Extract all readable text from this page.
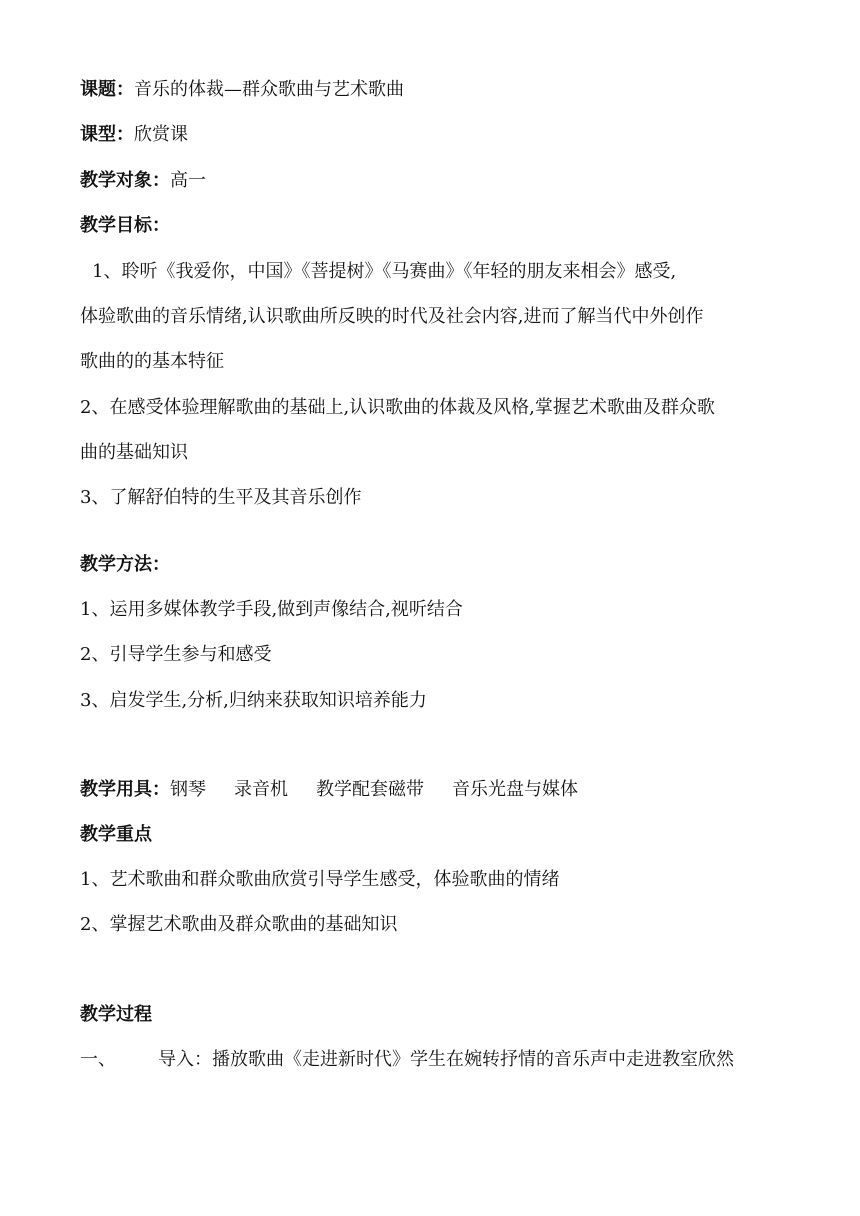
课题：音乐的体裁—群众歌曲与艺术歌曲
课型：欣赏课
教学对象：高一
教学目标：
1、聆听《我爱你，中国》《菩提树》《马赛曲》《年轻的朋友来相会》感受,
体验歌曲的音乐情绪,认识歌曲所反映的时代及社会内容,进而了解当代中外创作
歌曲的的基本特征
2、在感受体验理解歌曲的基础上,认识歌曲的体裁及风格,掌握艺术歌曲及群众歌
曲的基础知识
3、了解舒伯特的生平及其音乐创作
教学方法：
1、运用多媒体教学手段,做到声像结合,视听结合
2、引导学生参与和感受
3、启发学生,分析,归纳来获取知识培养能力
教学用具：钢琴 录音机 教学配套磁带 音乐光盘与媒体
教学重点
1、艺术歌曲和群众歌曲欣赏引导学生感受，体验歌曲的情绪
2、掌握艺术歌曲及群众歌曲的基础知识
教学过程
一、 导入：播放歌曲《走进新时代》学生在婉转抒情的音乐声中走进教室欣然
